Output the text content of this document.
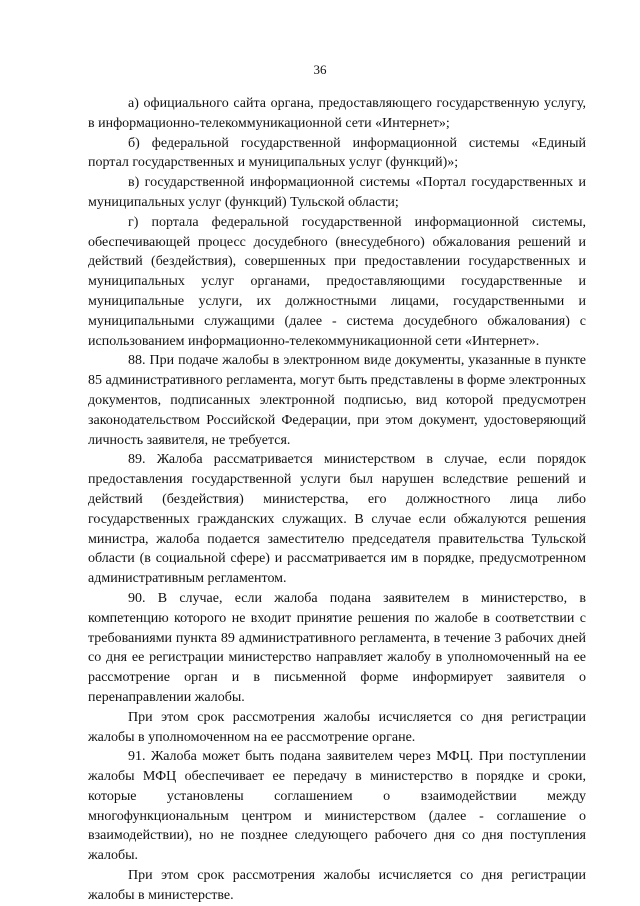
36

а) официального сайта органа, предоставляющего государственную услугу, в информационно-телекоммуникационной сети «Интернет»;

б) федеральной государственной информационной системы «Единый портал государственных и муниципальных услуг (функций)»;

в) государственной информационной системы «Портал государственных и муниципальных услуг (функций) Тульской области;

г) портала федеральной государственной информационной системы, обеспечивающей процесс досудебного (внесудебного) обжалования решений и действий (бездействия), совершенных при предоставлении государственных и муниципальных услуг органами, предоставляющими государственные и муниципальные услуги, их должностными лицами, государственными и муниципальными служащими (далее - система досудебного обжалования) с использованием информационно-телекоммуникационной сети «Интернет».

88. При подаче жалобы в электронном виде документы, указанные в пункте 85 административного регламента, могут быть представлены в форме электронных документов, подписанных электронной подписью, вид которой предусмотрен законодательством Российской Федерации, при этом документ, удостоверяющий личность заявителя, не требуется.

89. Жалоба рассматривается министерством в случае, если порядок предоставления государственной услуги был нарушен вследствие решений и действий (бездействия) министерства, его должностного лица либо государственных гражданских служащих. В случае если обжалуются решения министра, жалоба подается заместителю председателя правительства Тульской области (в социальной сфере) и рассматривается им в порядке, предусмотренном административным регламентом.

90. В случае, если жалоба подана заявителем в министерство, в компетенцию которого не входит принятие решения по жалобе в соответствии с требованиями пункта 89 административного регламента, в течение 3 рабочих дней со дня ее регистрации министерство направляет жалобу в уполномоченный на ее рассмотрение орган и в письменной форме информирует заявителя о перенаправлении жалобы.

При этом срок рассмотрения жалобы исчисляется со дня регистрации жалобы в уполномоченном на ее рассмотрение органе.

91. Жалоба может быть подана заявителем через МФЦ. При поступлении жалобы МФЦ обеспечивает ее передачу в министерство в порядке и сроки, которые установлены соглашением о взаимодействии между многофункциональным центром и министерством (далее - соглашение о взаимодействии), но не позднее следующего рабочего дня со дня поступления жалобы.

При этом срок рассмотрения жалобы исчисляется со дня регистрации жалобы в министерстве.
